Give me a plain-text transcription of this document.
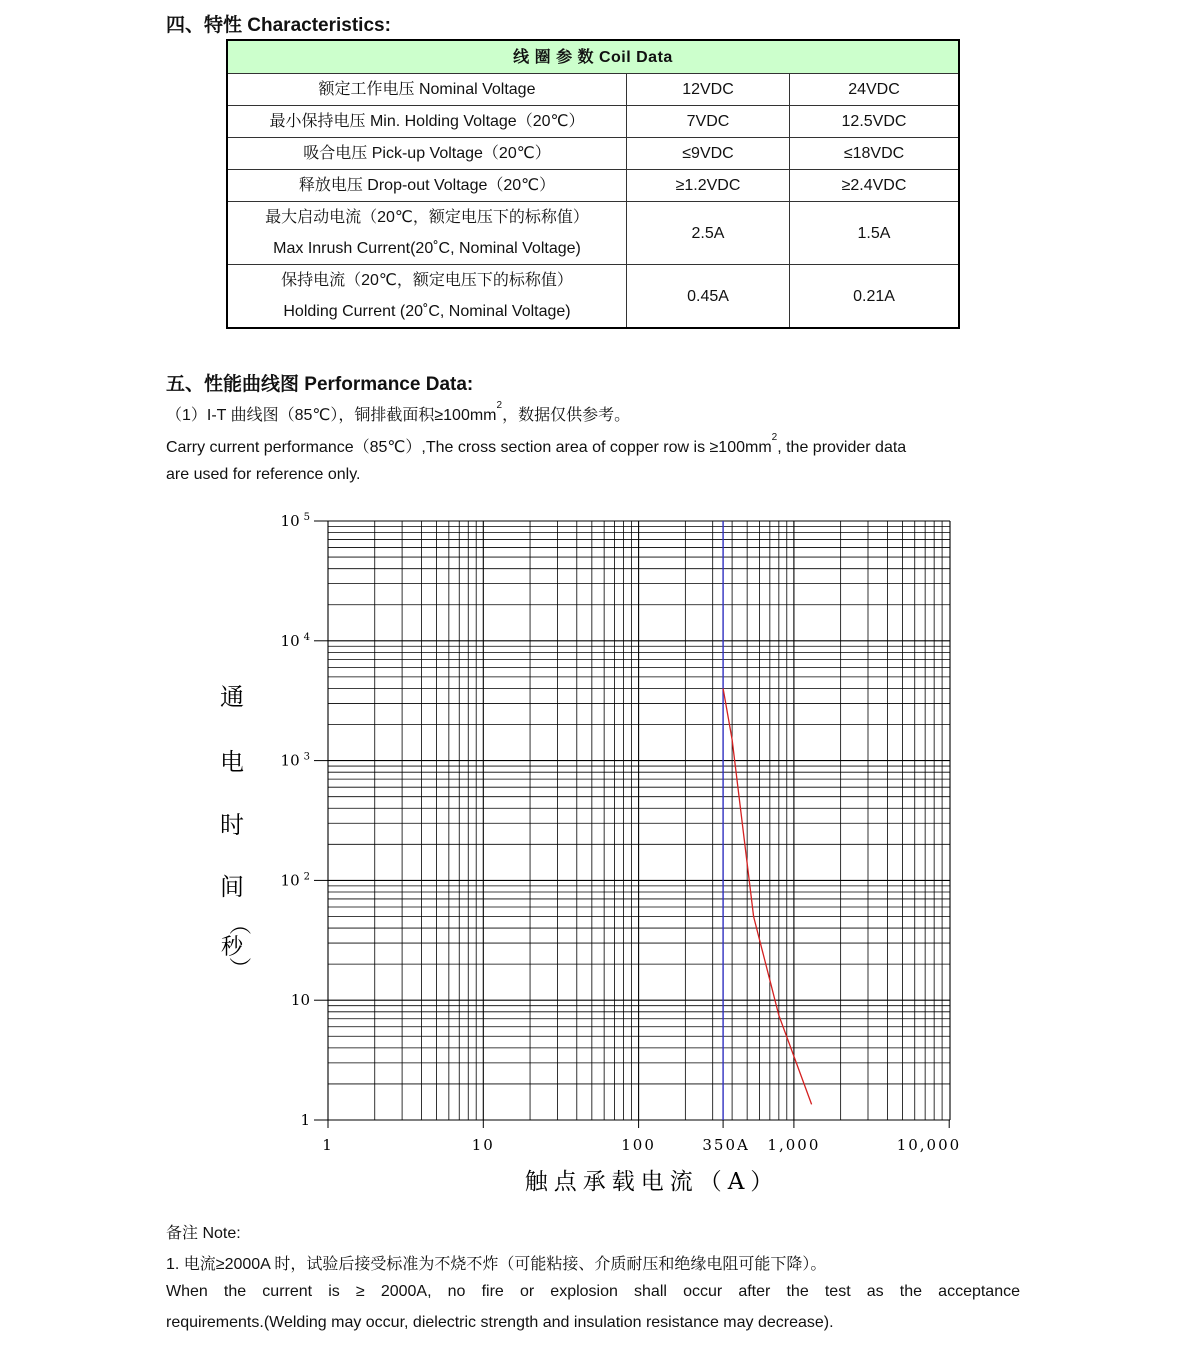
四、特性 Characteristics:
线 圈 参 数 Coil Data		
额定工作电压 Nominal Voltage	12VDC	24VDC
最小保持电压 Min. Holding Voltage（20℃）	7VDC	12.5VDC
吸合电压 Pick-up Voltage（20℃）	≤9VDC	≤18VDC
释放电压 Drop-out Voltage（20℃）	≥1.2VDC	≥2.4VDC

最大启动电流（20℃，额定电压下的标称值）
Max Inrush Current(20˚C, Nominal Voltage)	2.5A	1.5A

保持电流（20℃，额定电压下的标称值）
Holding Current (20˚C, Nominal Voltage)	0.45A	0.21A
五、性能曲线图 Performance Data:
（1）I-T 曲线图（85℃），铜排截面积$\ge 100mm^2$，数据仅供参考。
Carry current performance（85℃）,The cross section area of copper row is $\ge 100mm^2$, the provider data
are used for reference only.
1	10	100	350A 1,000	10,000
1
10
10 $^2$
10 $^3$
10 $^4$
10 $^5$
通
电
时
间
（
秒
）
触点承载电流（A）
备注 Note:
1. 电流≥2000A 时，试验后接受标准为不烧不炸（可能粘接、介质耐压和绝缘电阻可能下降）。
When the current is ≥ 2000A, no fire or explosion shall occur after the test as the acceptance
requirements.(Welding may occur, dielectric strength and insulation resistance may decrease).
